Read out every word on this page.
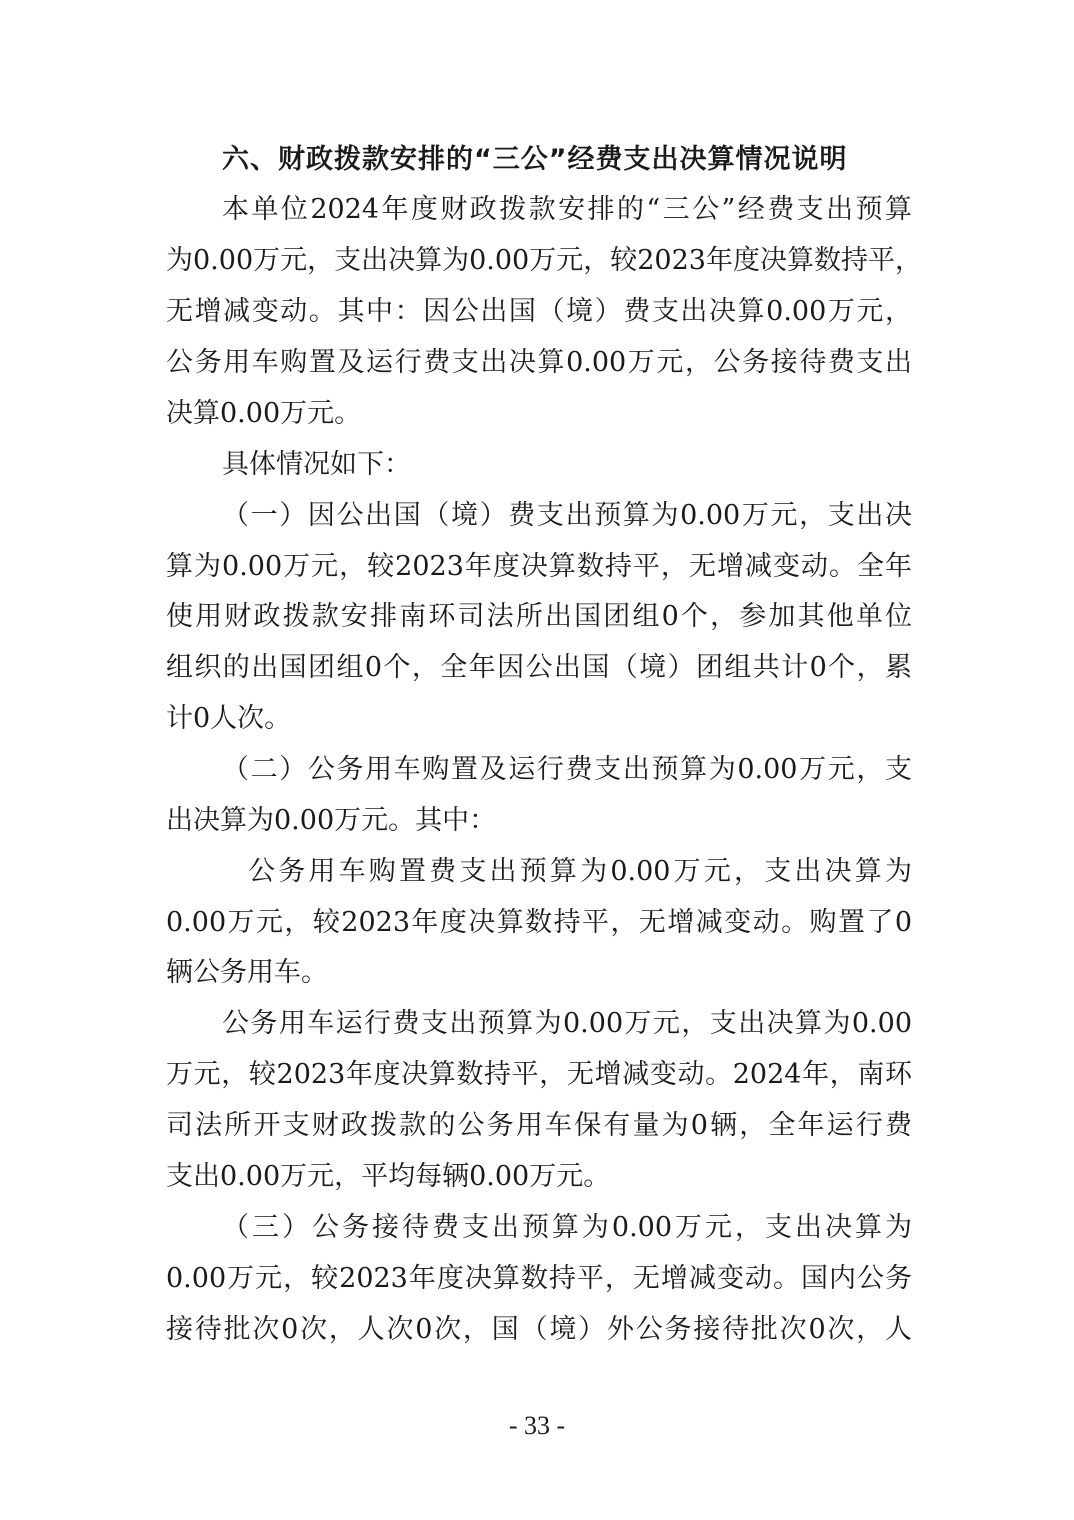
六、财政拨款安排的“三公”经费支出决算情况说明
本单位2024年度财政拨款安排的“三公”经费支出预算
为0.00万元，支出决算为0.00万元，较2023年度决算数持平，
无增减变动。其中：因公出国（境）费支出决算0.00万元，
公务用车购置及运行费支出决算0.00万元，公务接待费支出
决算0.00万元。
具体情况如下：
（一）因公出国（境）费支出预算为0.00万元，支出决
算为0.00万元，较2023年度决算数持平，无增减变动。全年
使用财政拨款安排南环司法所出国团组0个，参加其他单位
组织的出国团组0个，全年因公出国（境）团组共计0个，累
计0人次。
（二）公务用车购置及运行费支出预算为0.00万元，支
出决算为0.00万元。其中：
公务用车购置费支出预算为0.00万元，支出决算为
0.00万元，较2023年度决算数持平，无增减变动。购置了0
辆公务用车。
公务用车运行费支出预算为0.00万元，支出决算为0.00
万元，较2023年度决算数持平，无增减变动。2024年，南环
司法所开支财政拨款的公务用车保有量为0辆，全年运行费
支出0.00万元，平均每辆0.00万元。
（三）公务接待费支出预算为0.00万元，支出决算为
0.00万元，较2023年度决算数持平，无增减变动。国内公务
接待批次0次，人次0次，国（境）外公务接待批次0次，人
- 33 -
